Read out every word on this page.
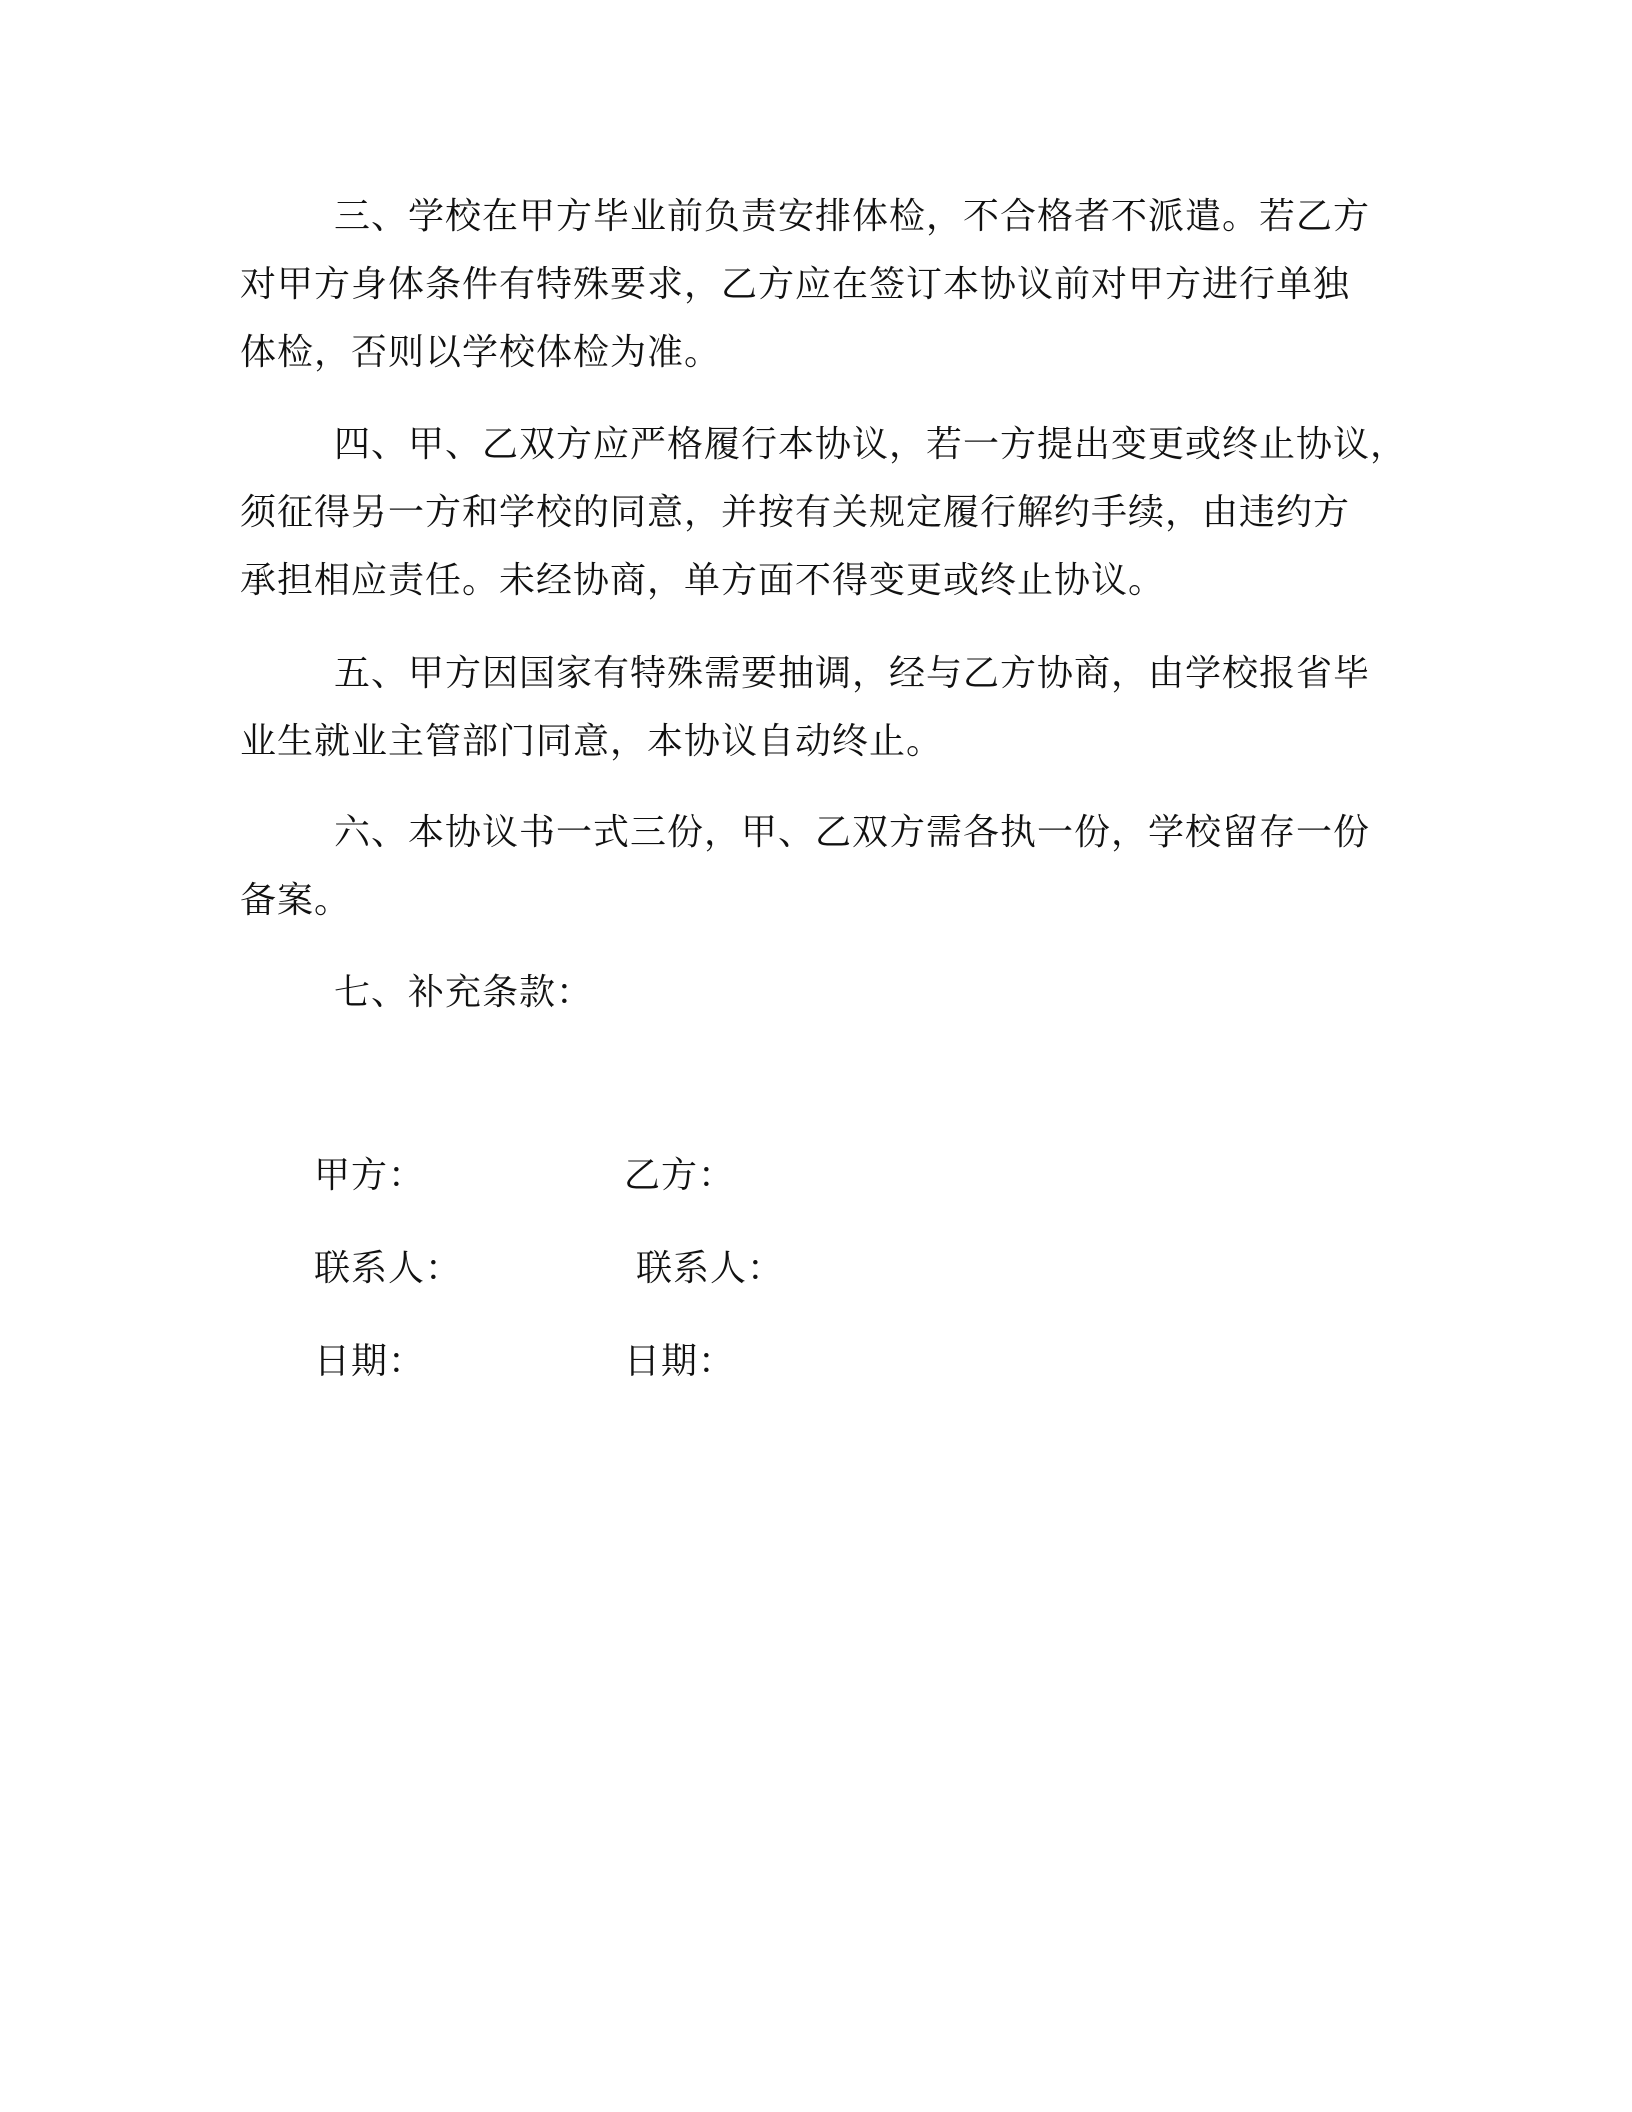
三、学校在甲方毕业前负责安排体检，不合格者不派遣。若乙方
对甲方身体条件有特殊要求，乙方应在签订本协议前对甲方进行单独
体检，否则以学校体检为准。

四、甲、乙双方应严格履行本协议，若一方提出变更或终止协议，
须征得另一方和学校的同意，并按有关规定履行解约手续，由违约方
承担相应责任。未经协商，单方面不得变更或终止协议。

五、甲方因国家有特殊需要抽调，经与乙方协商，由学校报省毕
业生就业主管部门同意，本协议自动终止。

六、本协议书一式三份，甲、乙双方需各执一份，学校留存一份
备案。

七、补充条款：

甲方：	乙方：
联系人：	联系人：
日期：	日期：
